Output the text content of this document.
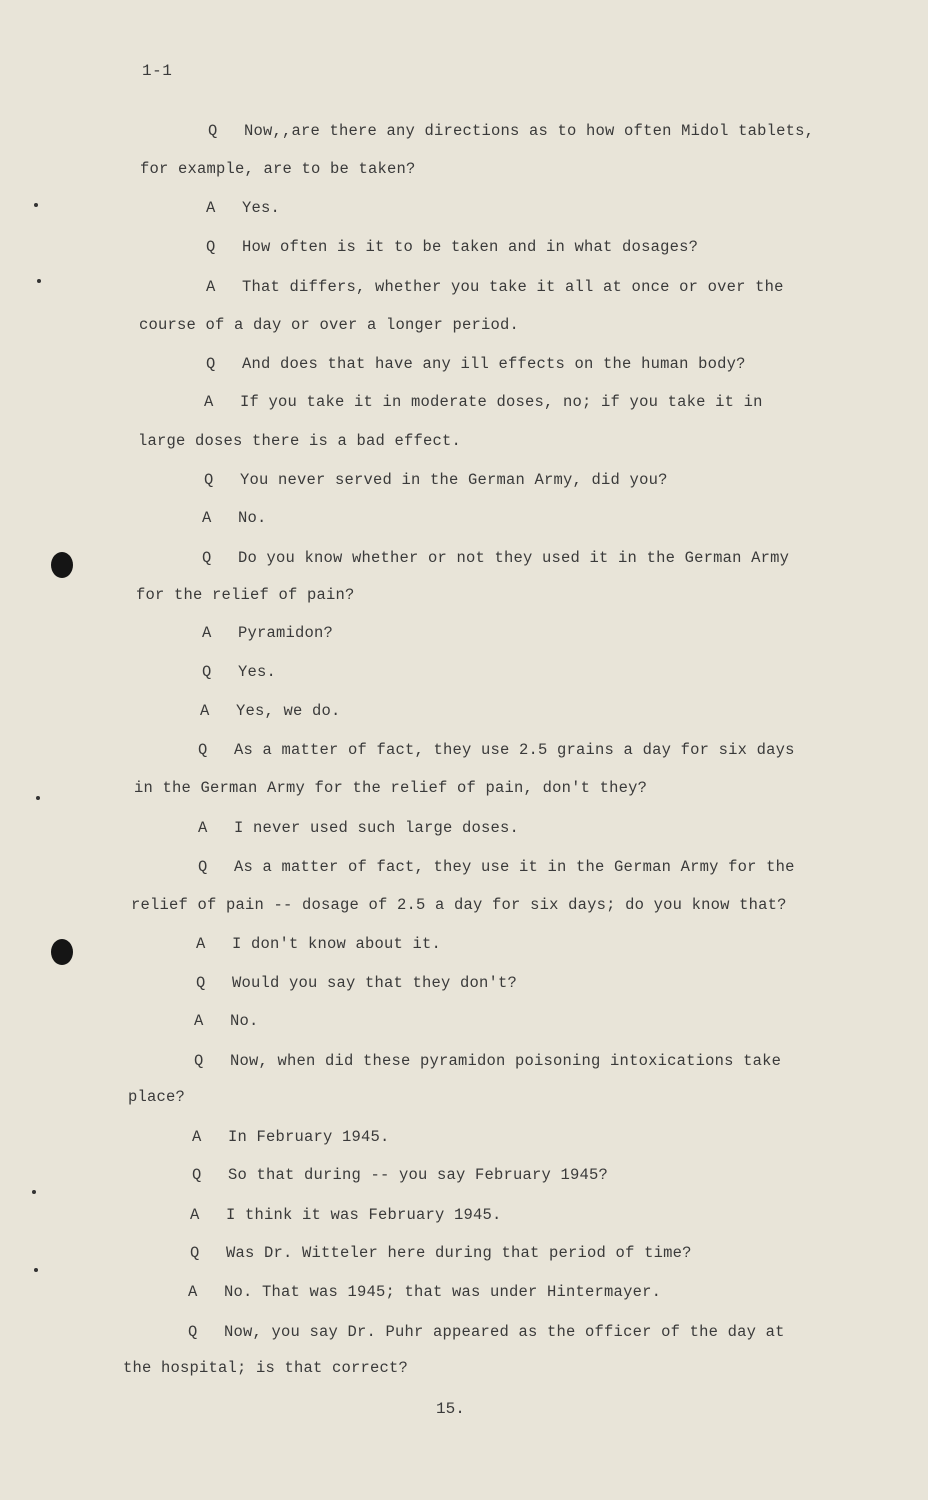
1-1
Q Now,,are there any directions as to how often Midol tablets,
for example, are to be taken?
A Yes.
Q How often is it to be taken and in what dosages?
A That differs, whether you take it all at once or over the
course of a day or over a longer period.
Q And does that have any ill effects on the human body?
A If you take it in moderate doses, no; if you take it in
large doses there is a bad effect.
Q You never served in the German Army, did you?
A No.
Q Do you know whether or not they used it in the German Army
for the relief of pain?
A Pyramidon?
Q Yes.
A Yes, we do.
Q As a matter of fact, they use 2.5 grains a day for six days
in the German Army for the relief of pain, don't they?
A I never used such large doses.
Q As a matter of fact, they use it in the German Army for the
relief of pain -- dosage of 2.5 a day for six days; do you know that?
A I don't know about it.
Q Would you say that they don't?
A No.
Q Now, when did these pyramidon poisoning intoxications take
place?
A In February 1945.
Q So that during -- you say February 1945?
A I think it was February 1945.
Q Was Dr. Witteler here during that period of time?
A No. That was 1945; that was under Hintermayer.
Q Now, you say Dr. Puhr appeared as the officer of the day at
the hospital; is that correct?
15.
